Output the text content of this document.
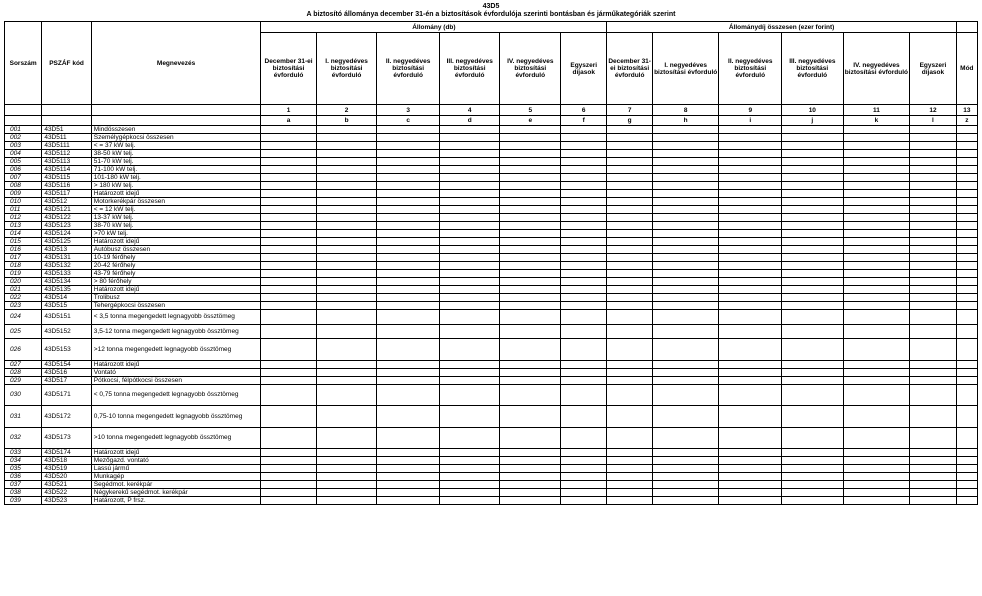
43D5
A biztosító állománya december 31-én a biztosítások évfordulója szerinti bontásban és járműkategóriák szerint
Sorszám	PSZÁF kód	Megnevezés	Állomány (db)						Állománydíj összesen (ezer forint)						
			December 31-ei biztosítási évforduló	I. negyedéves biztosítási évforduló	II. negyedéves biztosítási évforduló	III. negyedéves biztosítási évforduló	IV. negyedéves biztosítási évforduló	Egyszeri díjasok	December 31-ei biztosítási évforduló	I. negyedéves biztosítási évforduló	II. negyedéves biztosítási évforduló	III. negyedéves biztosítási évforduló	IV. negyedéves biztosítási évforduló	Egyszeri díjasok	Mód
			1	2	3	4	5	6	7	8	9	10	11	12	13
			a	b	c	d	e	f	g	h	i	j	k	l	z
001	43D51	Mindösszesen													
002	43D511	Személygépkocsi összesen													
003	43D5111	< = 37 kW telj.													
004	43D5112	38-50 kW telj.													
005	43D5113	51-70 kW telj.													
006	43D5114	71-100 kW telj.													
007	43D5115	101-180 kW telj.													
008	43D5116	> 180 kW telj.													
009	43D5117	Határozott idejű													
010	43D512	Motorkerékpár összesen													
011	43D5121	< = 12 kW telj.													
012	43D5122	13-37 kW telj.													
013	43D5123	38-70 kW telj.													
014	43D5124	>70 kW telj.													
015	43D5125	Határozott idejű													
016	43D513	Autóbusz összesen													
017	43D5131	10-19 férőhely													
018	43D5132	20-42 férőhely													
019	43D5133	43-79 férőhely													
020	43D5134	> 80 férőhely													
021	43D5135	Határozott idejű													
022	43D514	Trolibusz													
023	43D515	Tehergépkocsi összesen													
024	43D5151	< 3,5 tonna megengedett legnagyobb össztömeg													
025	43D5152	3,5-12 tonna megengedett legnagyobb össztömeg													
026	43D5153	>12 tonna megengedett legnagyobb össztömeg													
027	43D5154	Határozott idejű													
028	43D516	Vontató													
029	43D517	Pótkocsi, félpótkocsi összesen													
030	43D5171	< 0,75 tonna megengedett legnagyobb össztömeg													
031	43D5172	0,75-10 tonna megengedett legnagyobb össztömeg													
032	43D5173	>10 tonna megengedett legnagyobb össztömeg													
033	43D5174	Határozott idejű													
034	43D518	Mezőgazd. vontató													
035	43D519	Lassú jármű													
036	43D520	Munkagép													
037	43D521	Segédmot. kerékpár													
038	43D522	Négykerekű segédmot. kerékpár													
039	43D523	Határozott, P frsz.													
